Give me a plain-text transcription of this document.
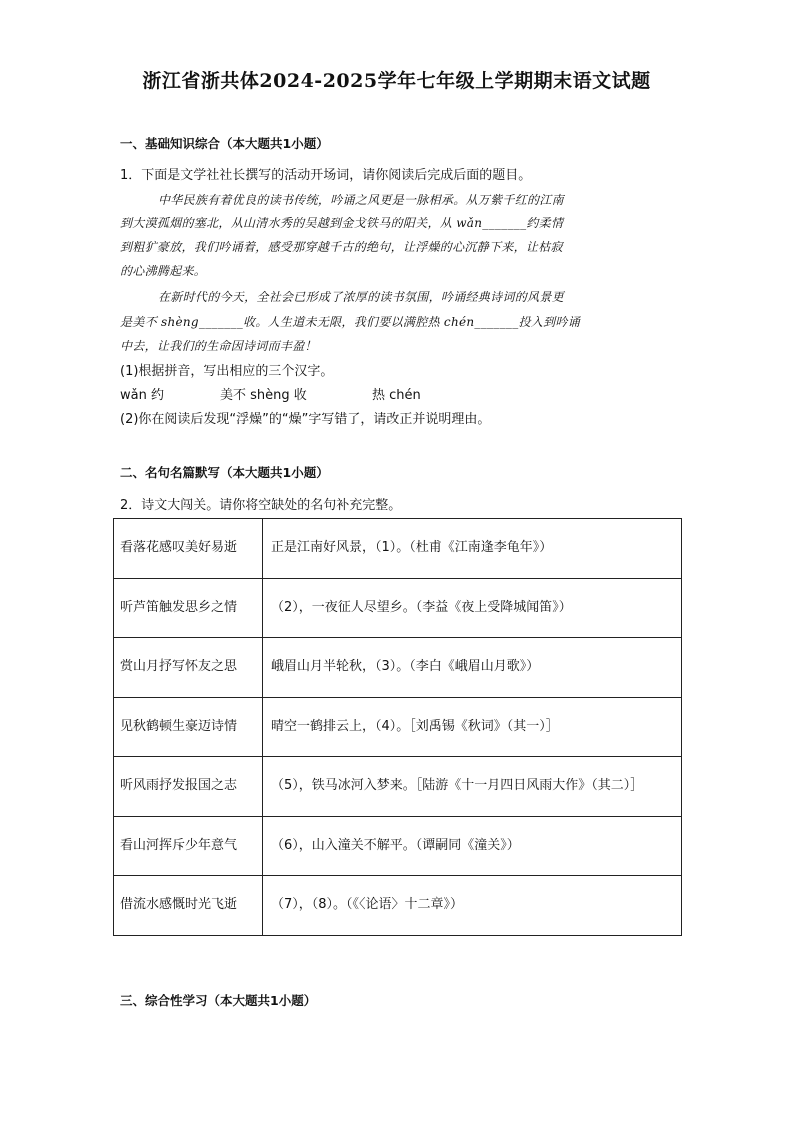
浙江省浙共体2024-2025学年七年级上学期期末语文试题
一、基础知识综合（本大题共1小题）
1．下面是文学社社长撰写的活动开场词，请你阅读后完成后面的题目。
中华民族有着优良的读书传统，吟诵之风更是一脉相承。从万紫千红的江南
到大漠孤烟的塞北，从山清水秀的吴越到金戈铁马的阳关，从 wǎn_______约柔情
到粗犷豪放，我们吟诵着，感受那穿越千古的绝句，让浮燥的心沉静下来，让枯寂
的心沸腾起来。
在新时代的今天，全社会已形成了浓厚的读书氛围，吟诵经典诗词的风景更
是美不 shèng_______收。人生道未无限，我们要以满腔热 chén_______投入到吟诵
中去，让我们的生命因诗词而丰盈！
(1)根据拼音，写出相应的三个汉字。
wǎn 约	美不 shèng 收	热 chén
(2)你在阅读后发现“浮燥”的“燥”字写错了，请改正并说明理由。
二、名句名篇默写（本大题共1小题）
2．诗文大闯关。请你将空缺处的名句补充完整。
看落花感叹美好易逝	正是江南好风景，（1）。（杜甫《江南逢李龟年》）
听芦笛触发思乡之情	（2），一夜征人尽望乡。（李益《夜上受降城闻笛》）
赏山月抒写怀友之思	峨眉山月半轮秋，（3）。（李白《峨眉山月歌》）
见秋鹤顿生豪迈诗情	晴空一鹤排云上，（4）。［刘禹锡《秋词》（其一）］
听风雨抒发报国之志	（5），铁马冰河入梦来。［陆游《十一月四日风雨大作》（其二）］
看山河挥斥少年意气	（6），山入潼关不解平。（谭嗣同《潼关》）
借流水感慨时光飞逝	（7），（8）。（《〈论语〉十二章》）
三、综合性学习（本大题共1小题）
